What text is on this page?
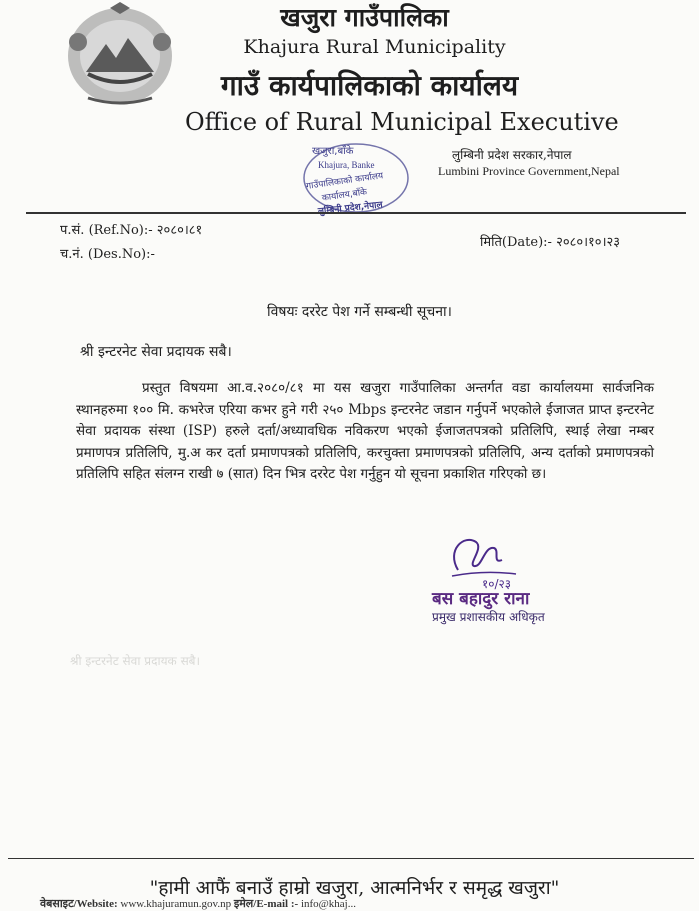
खजुरा गाउँपालिका
Khajura Rural Municipality
गाउँ कार्यपालिकाको कार्यालय
Office of Rural Municipal Executive
खजुरा,बाँके
Khajura, Banke
गाउँपालिकाको कार्यालय
कार्यालय,बाँके
लुम्बिनी प्रदेश,नेपाल
लुम्बिनी प्रदेश सरकार,नेपाल
Lumbini Province Government,Nepal
प.सं. (Ref.No):- २०८०।८१
च.नं. (Des.No):-
मिति(Date):- २०८०।१०।२३
विषयः दररेट पेश गर्ने सम्बन्धी सूचना।
श्री इन्टरनेट सेवा प्रदायक सबै।
प्रस्तुत विषयमा आ.व.२०८०/८१ मा यस खजुरा गाउँपालिका अन्तर्गत वडा कार्यालयमा सार्वजनिक स्थानहरुमा १०० मि. कभरेज एरिया कभर हुने गरी २५० Mbps इन्टरनेट जडान गर्नुपर्ने भएकोले ईजाजत प्राप्त इन्टरनेट सेवा प्रदायक संस्था (ISP) हरुले दर्ता/अध्यावधिक नविकरण भएको ईजाजतपत्रको प्रतिलिपि, स्थाई लेखा नम्बर प्रमाणपत्र प्रतिलिपि, मु.अ कर दर्ता प्रमाणपत्रको प्रतिलिपि, करचुक्ता प्रमाणपत्रको प्रतिलिपि, अन्य दर्ताको प्रमाणपत्रको प्रतिलिपि सहित संलग्न राखी ७ (सात) दिन भित्र दररेट पेश गर्नुहुन यो सूचना प्रकाशित गरिएको छ।
१०/२३
बस बहादुर राना
प्रमुख प्रशासकीय अधिकृत
श्री इन्टरनेट सेवा प्रदायक सबै।
"हामी आफैं बनाउँ हाम्रो खजुरा, आत्मनिर्भर र समृद्ध खजुरा"
वेबसाइट/Website: www.khajuramun.gov.np इमेल/E-mail :- info@khaj...
